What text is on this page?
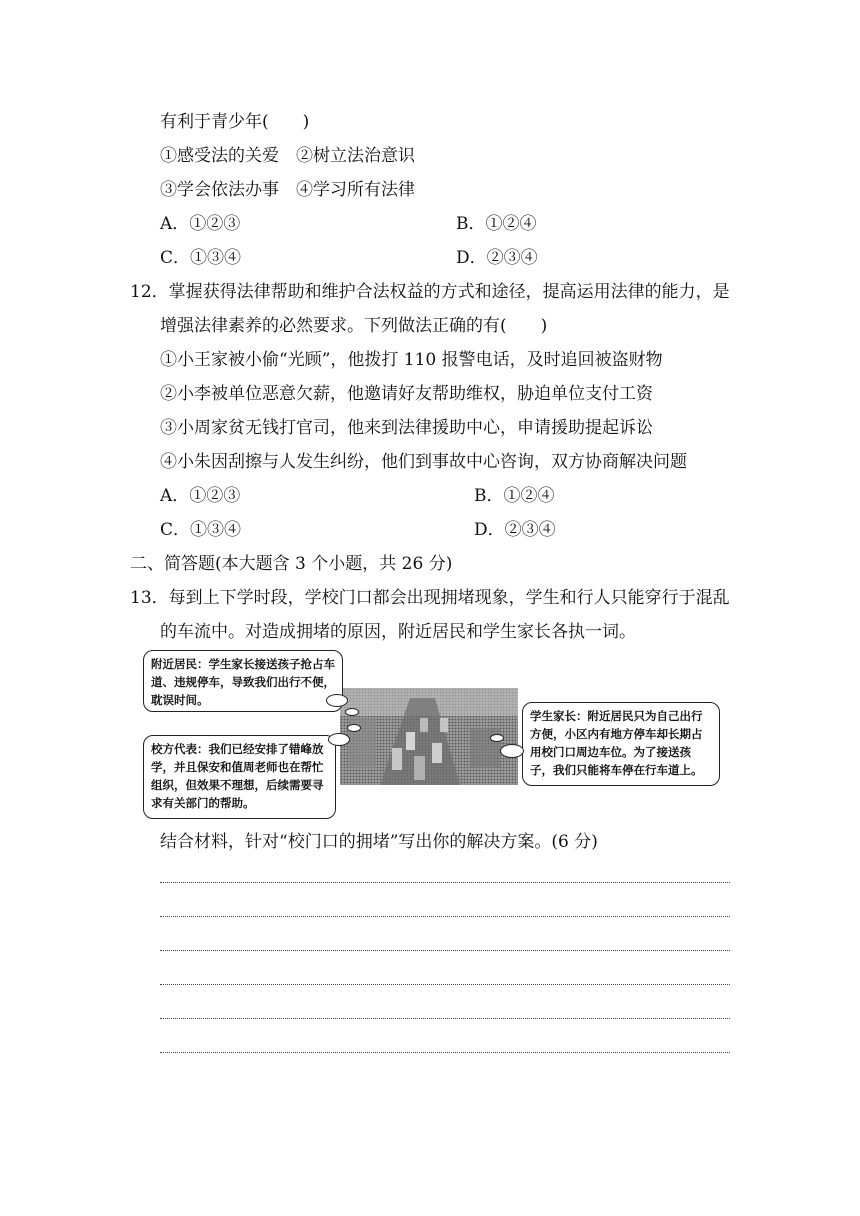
有利于青少年(　　)
①感受法的关爱　②树立法治意识
③学会依法办事　④学习所有法律
A．①②③	B．①②④
C．①③④	D．②③④
12．掌握获得法律帮助和维护合法权益的方式和途径，提高运用法律的能力，是
增强法律素养的必然要求。下列做法正确的有(　　)
①小王家被小偷“光顾”，他拨打 110 报警电话，及时追回被盗财物
②小李被单位恶意欠薪，他邀请好友帮助维权，胁迫单位支付工资
③小周家贫无钱打官司，他来到法律援助中心，申请援助提起诉讼
④小朱因刮擦与人发生纠纷，他们到事故中心咨询，双方协商解决问题
A．①②③	B．①②④
C．①③④	D．②③④
二、简答题(本大题含 3 个小题，共 26 分)
13．每到上下学时段，学校门口都会出现拥堵现象，学生和行人只能穿行于混乱
的车流中。对造成拥堵的原因，附近居民和学生家长各执一词。
附近居民：学生家长接送孩子抢占车道、违规停车，导致我们出行不便，耽误时间。
校方代表：我们已经安排了错峰放学，并且保安和值周老师也在帮忙组织，但效果不理想，后续需要寻求有关部门的帮助。
学生家长：附近居民只为自己出行方便，小区内有地方停车却长期占用校门口周边车位。为了接送孩子，我们只能将车停在行车道上。
结合材料，针对“校门口的拥堵”写出你的解决方案。(6 分)
